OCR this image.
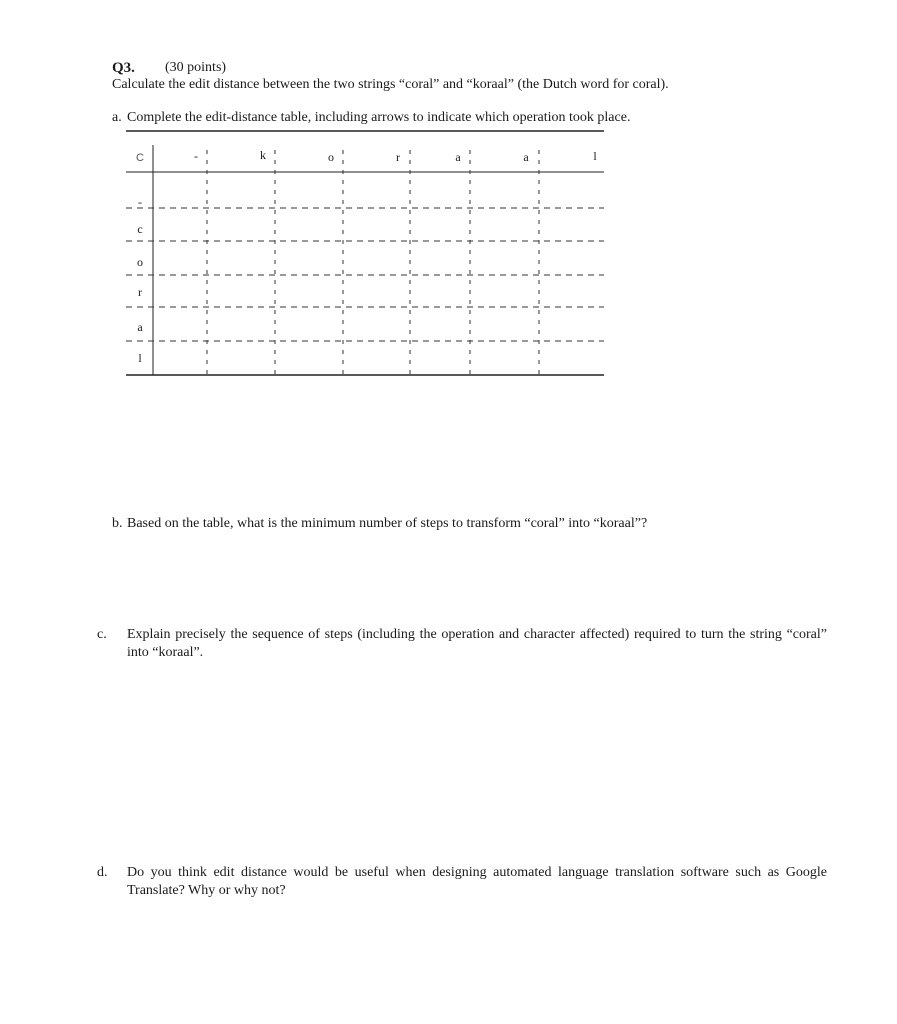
Q3. (30 points)
Calculate the edit distance between the two strings “coral” and “koraal” (the Dutch word for coral).
a. Complete the edit-distance table, including arrows to indicate which operation took place.
C	-	k	o	r	a	a	l
-
c
o
r
a
l
b. Based on the table, what is the minimum number of steps to transform “coral” into “koraal”?
c. Explain precisely the sequence of steps (including the operation and character affected) required to turn the string “coral” into “koraal”.
d. Do you think edit distance would be useful when designing automated language translation software such as Google Translate? Why or why not?
